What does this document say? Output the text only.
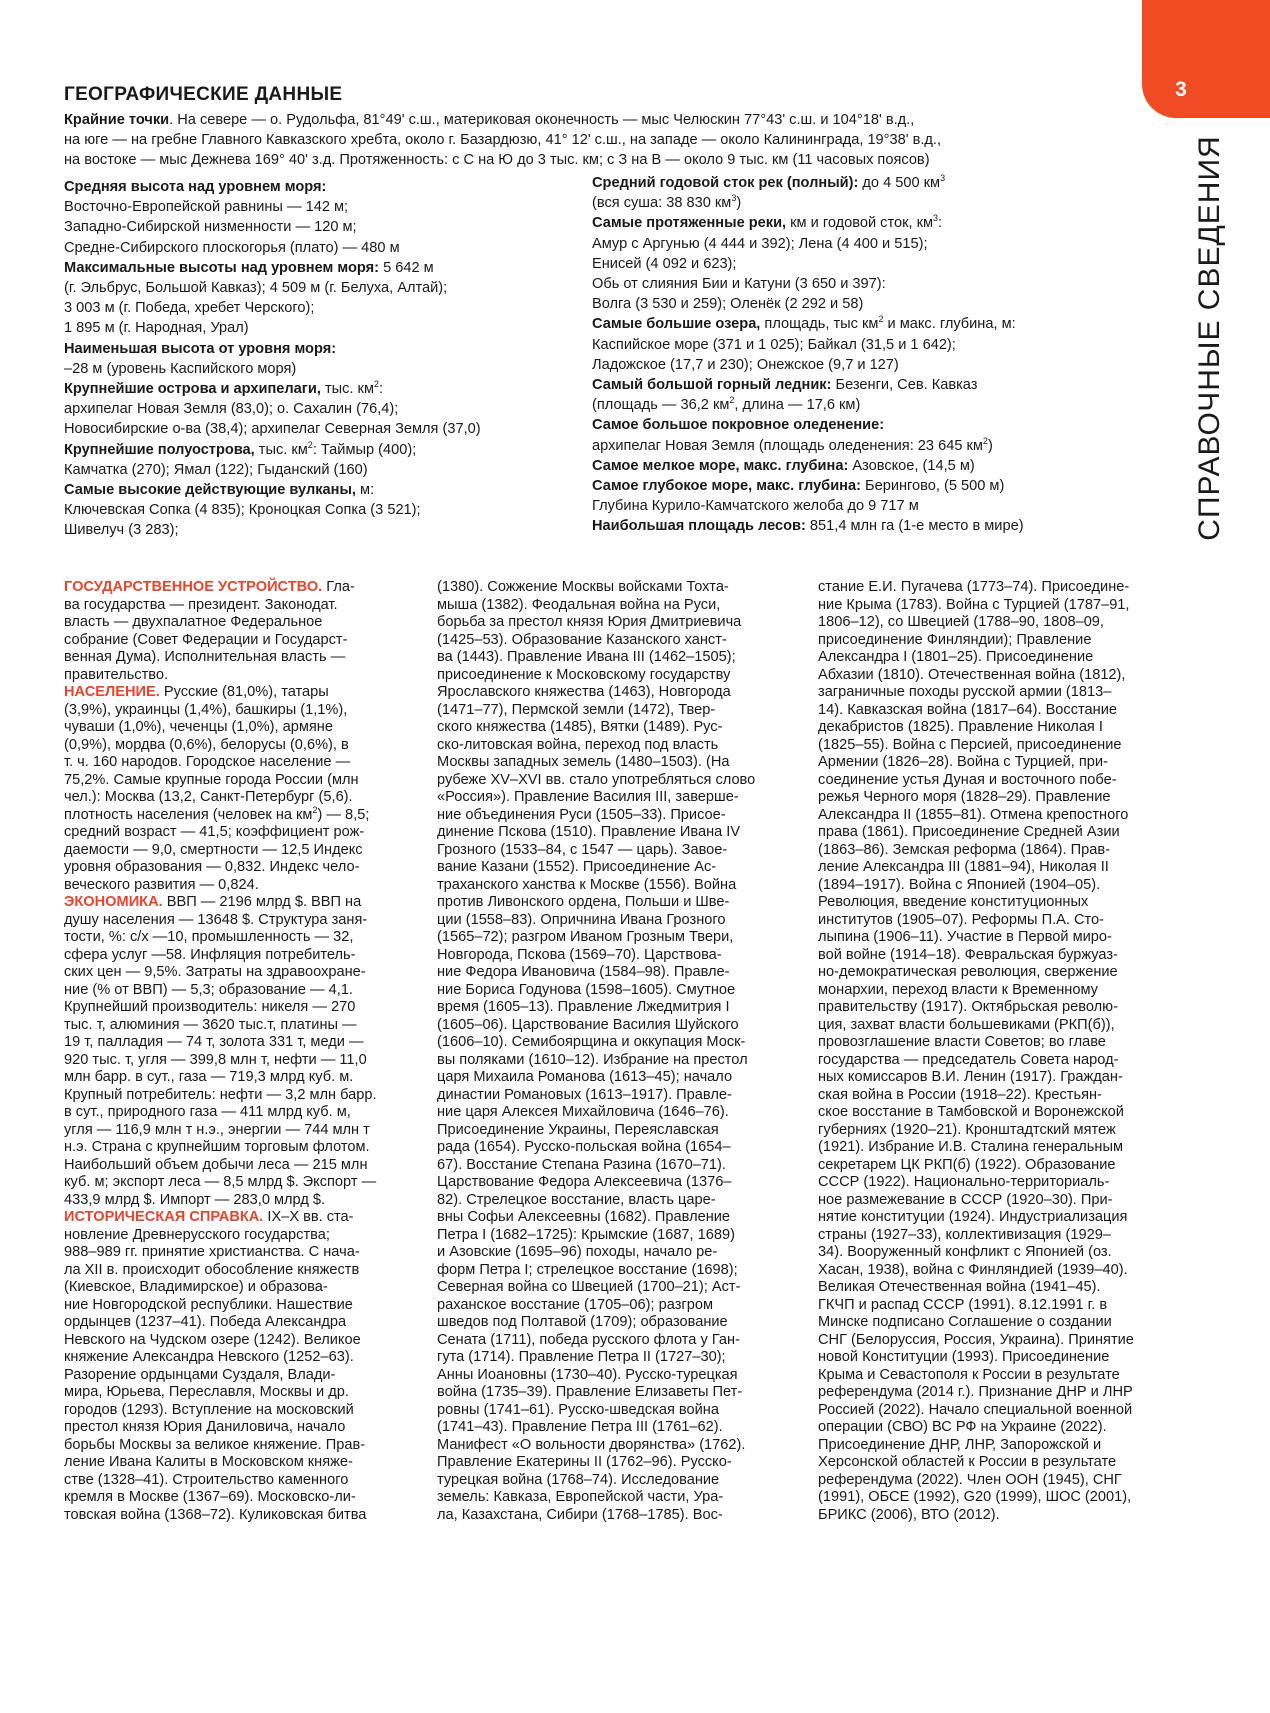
3
СПРАВОЧНЫЕ СВЕДЕНИЯ
ГЕОГРАФИЧЕСКИЕ ДАННЫЕ
Крайние точки. На севере — о. Рудольфа, 81°49' с.ш., материковая оконечность — мыс Челюскин 77°43' с.ш. и 104°18' в.д.,
на юге — на гребне Главного Кавказского хребта, около г. Базардюзю, 41° 12' с.ш., на западе — около Калининграда, 19°38' в.д.,
на востоке — мыс Дежнева 169° 40' з.д. Протяженность: с С на Ю до 3 тыс. км; с З на В — около 9 тыс. км (11 часовых поясов)
Средняя высота над уровнем моря:
Восточно-Европейской равнины — 142 м;
Западно-Сибирской низменности — 120 м;
Средне-Сибирского плоскогорья (плато) — 480 м
Максимальные высоты над уровнем моря: 5 642 м
(г. Эльбрус, Большой Кавказ); 4 509 м (г. Белуха, Алтай);
3 003 м (г. Победа, хребет Черского);
1 895 м (г. Народная, Урал)
Наименьшая высота от уровня моря:
–28 м (уровень Каспийского моря)
Крупнейшие острова и архипелаги, тыс. $км^2$:
архипелаг Новая Земля (83,0); о. Сахалин (76,4);
Новосибирские о-ва (38,4); архипелаг Северная Земля (37,0)
Крупнейшие полуострова, тыс. $км^2$: Таймыр (400);
Камчатка (270); Ямал (122); Гыданский (160)
Самые высокие действующие вулканы, м:
Ключевская Сопка (4 835); Кроноцкая Сопка (3 521);
Шивелуч (3 283);
Средний годовой сток рек (полный): до 4 500 $км^3$
(вся суша: 38 830 $км^3$)
Самые протяженные реки, км и годовой сток, $км^3$:
Амур с Аргунью (4 444 и 392); Лена (4 400 и 515);
Енисей (4 092 и 623);
Обь от слияния Бии и Катуни (3 650 и 397):
Волга (3 530 и 259); Оленёк (2 292 и 58)
Самые большие озера, площадь, тыс $км^2$ и макс. глубина, м:
Каспийское море (371 и 1 025); Байкал (31,5 и 1 642);
Ладожское (17,7 и 230); Онежское (9,7 и 127)
Самый большой горный ледник: Безенги, Сев. Кавказ
(площадь — 36,2 $км^2$, длина — 17,6 км)
Самое большое покровное оледенение:
архипелаг Новая Земля (площадь оледенения: 23 645 $км^2$)
Самое мелкое море, макс. глубина: Азовское, (14,5 м)
Самое глубокое море, макс. глубина: Берингово, (5 500 м)
Глубина Курило-Камчатского желоба до 9 717 м
Наибольшая площадь лесов: 851,4 млн га (1-е место в мире)
ГОСУДАРСТВЕННОЕ УСТРОЙСТВО. Гла-
ва государства — президент. Законодат.
власть — двухпалатное Федеральное
собрание (Совет Федерации и Государст-
венная Дума). Исполнительная власть —
правительство.
НАСЕЛЕНИЕ. Русские (81,0%), татары
(3,9%), украинцы (1,4%), башкиры (1,1%),
чуваши (1,0%), чеченцы (1,0%), армяне
(0,9%), мордва (0,6%), белорусы (0,6%), в
т. ч. 160 народов. Городское население —
75,2%. Самые крупные города России (млн
чел.): Москва (13,2, Санкт-Петербург (5,6).
плотность населения (человек на $км^2$) — 8,5;
средний возраст — 41,5; коэффициент рож-
даемости — 9,0, смертности — 12,5 Индекс
уровня образования — 0,832. Индекс чело-
веческого развития — 0,824.
ЭКОНОМИКА. ВВП — 2196 млрд $. ВВП на
душу населения — 13648 $. Структура заня-
тости, %: с/х —10, промышленность — 32,
сфера услуг —58. Инфляция потребитель-
ских цен — 9,5%. Затраты на здравоохране-
ние (% от ВВП) — 5,3; образование — 4,1.
Крупнейший производитель: никеля — 270
тыс. т, алюминия — 3620 тыс.т, платины —
19 т, палладия — 74 т, золота 331 т, меди —
920 тыс. т, угля — 399,8 млн т, нефти — 11,0
млн барр. в сут., газа — 719,3 млрд куб. м.
Крупный потребитель: нефти — 3,2 млн барр.
в сут., природного газа — 411 млрд куб. м,
угля — 116,9 млн т н.э., энергии — 744 млн т
н.э. Страна с крупнейшим торговым флотом.
Наибольший объем добычи леса — 215 млн
куб. м; экспорт леса — 8,5 млрд $. Экспорт —
433,9 млрд $. Импорт — 283,0 млрд $.
ИСТОРИЧЕСКАЯ СПРАВКА. IX–X вв. ста-
новление Древнерусского государства;
988–989 гг. принятие христианства. С нача-
ла XII в. происходит обособление княжеств
(Киевское, Владимирское) и образова-
ние Новгородской республики. Нашествие
ордынцев (1237–41). Победа Александра
Невского на Чудском озере (1242). Великое
княжение Александра Невского (1252–63).
Разорение ордынцами Суздаля, Влади-
мира, Юрьева, Переславля, Москвы и др.
городов (1293). Вступление на московский
престол князя Юрия Даниловича, начало
борьбы Москвы за великое княжение. Прав-
ление Ивана Калиты в Московском княже-
стве (1328–41). Строительство каменного
кремля в Москве (1367–69). Московско-ли-
товская война (1368–72). Куликовская битва
(1380). Сожжение Москвы войсками Тохта-
мыша (1382). Феодальная война на Руси,
борьба за престол князя Юрия Дмитриевича
(1425–53). Образование Казанского ханст-
ва (1443). Правление Ивана III (1462–1505);
присоединение к Московскому государству
Ярославского княжества (1463), Новгорода
(1471–77), Пермской земли (1472), Твер-
ского княжества (1485), Вятки (1489). Рус-
ско-литовская война, переход под власть
Москвы западных земель (1480–1503). (На
рубеже XV–XVI вв. стало употребляться слово
«Россия»). Правление Василия III, заверше-
ние объединения Руси (1505–33). Присое-
динение Пскова (1510). Правление Ивана IV
Грозного (1533–84, с 1547 — царь). Завое-
вание Казани (1552). Присоединение Ас-
траханского ханства к Москве (1556). Война
против Ливонского ордена, Польши и Шве-
ции (1558–83). Опричнина Ивана Грозного
(1565–72); разгром Иваном Грозным Твери,
Новгорода, Пскова (1569–70). Царствова-
ние Федора Ивановича (1584–98). Правле-
ние Бориса Годунова (1598–1605). Смутное
время (1605–13). Правление Лжедмитрия I
(1605–06). Царствование Василия Шуйского
(1606–10). Семибоярщина и оккупация Моск-
вы поляками (1610–12). Избрание на престол
царя Михаила Романова (1613–45); начало
династии Романовых (1613–1917). Правле-
ние царя Алексея Михайловича (1646–76).
Присоединение Украины, Переяславская
рада (1654). Русско-польская война (1654–
67). Восстание Степана Разина (1670–71).
Царствование Федора Алексеевича (1376–
82). Стрелецкое восстание, власть царе-
вны Софьи Алексеевны (1682). Правление
Петра I (1682–1725): Крымские (1687, 1689)
и Азовские (1695–96) походы, начало ре-
форм Петра I; стрелецкое восстание (1698);
Северная война со Швецией (1700–21); Аст-
раханское восстание (1705–06); разгром
шведов под Полтавой (1709); образование
Сената (1711), победа русского флота у Ган-
гута (1714). Правление Петра II (1727–30);
Анны Иоановны (1730–40). Русско-турецкая
война (1735–39). Правление Елизаветы Пет-
ровны (1741–61). Русско-шведская война
(1741–43). Правление Петра III (1761–62).
Манифест «О вольности дворянства» (1762).
Правление Екатерины II (1762–96). Русско-
турецкая война (1768–74). Исследование
земель: Кавказа, Европейской части, Ура-
ла, Казахстана, Сибири (1768–1785). Вос-
стание Е.И. Пугачева (1773–74). Присоедине-
ние Крыма (1783). Война с Турцией (1787–91,
1806–12), со Швецией (1788–90, 1808–09,
присоединение Финляндии); Правление
Александра I (1801–25). Присоединение
Абхазии (1810). Отечественная война (1812),
заграничные походы русской армии (1813–
14). Кавказская война (1817–64). Восстание
декабристов (1825). Правление Николая I
(1825–55). Война с Персией, присоединение
Армении (1826–28). Война с Турцией, при-
соединение устья Дуная и восточного побе-
режья Черного моря (1828–29). Правление
Александра II (1855–81). Отмена крепостного
права (1861). Присоединение Средней Азии
(1863–86). Земская реформа (1864). Прав-
ление Александра III (1881–94), Николая II
(1894–1917). Война с Японией (1904–05).
Революция, введение конституционных
институтов (1905–07). Реформы П.А. Сто-
лыпина (1906–11). Участие в Первой миро-
вой войне (1914–18). Февральская буржуаз-
но-демократическая революция, свержение
монархии, переход власти к Временному
правительству (1917). Октябрьская револю-
ция, захват власти большевиками (РКП(б)),
провозглашение власти Советов; во главе
государства — председатель Совета народ-
ных комиссаров В.И. Ленин (1917). Граждан-
ская война в России (1918–22). Крестьян-
ское восстание в Тамбовской и Воронежской
губерниях (1920–21). Кронштадтский мятеж
(1921). Избрание И.В. Сталина генеральным
секретарем ЦК РКП(б) (1922). Образование
СССР (1922). Национально-территориаль-
ное размежевание в СССР (1920–30). При-
нятие конституции (1924). Индустриализация
страны (1927–33), коллективизация (1929–
34). Вооруженный конфликт с Японией (оз.
Хасан, 1938), война с Финляндией (1939–40).
Великая Отечественная война (1941–45).
ГКЧП и распад СССР (1991). 8.12.1991 г. в
Минске подписано Соглашение о создании
СНГ (Белоруссия, Россия, Украина). Принятие
новой Конституции (1993). Присоединение
Крыма и Севастополя к России в результате
референдума (2014 г.). Признание ДНР и ЛНР
Россией (2022). Начало специальной военной
операции (СВО) ВС РФ на Украине (2022).
Присоединение ДНР, ЛНР, Запорожской и
Херсонской областей к России в результате
референдума (2022). Член ООН (1945), СНГ
(1991), ОБСЕ (1992), G20 (1999), ШОС (2001),
БРИКС (2006), ВТО (2012).
